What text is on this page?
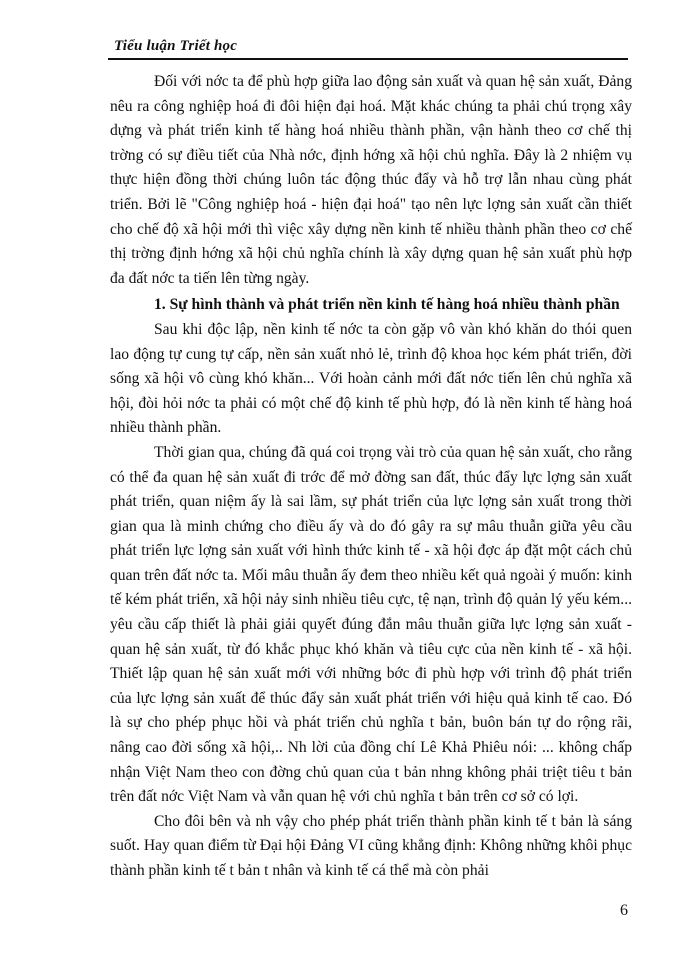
Tiểu luận Triết học

Đối với nớc ta để phù hợp giữa lao động sản xuất và quan hệ sản xuất, Đảng nêu ra công nghiệp hoá đi đôi hiện đại hoá. Mặt khác chúng ta phải chú trọng xây dựng và phát triển kinh tế hàng hoá nhiều thành phần, vận hành theo cơ chế thị trờng có sự điều tiết của Nhà nớc, định hớng xã hội chủ nghĩa. Đây là 2 nhiệm vụ thực hiện đồng thời chúng luôn tác động thúc đẩy và hỗ trợ lẫn nhau cùng phát triển. Bởi lẽ "Công nghiệp hoá - hiện đại hoá" tạo nên lực lợng sản xuất cần thiết cho chế độ xã hội mới thì việc xây dựng nền kinh tế nhiều thành phần theo cơ chế thị trờng định hớng xã hội chủ nghĩa chính là xây dựng quan hệ sản xuất phù hợp đa đất nớc ta tiến lên từng ngày.

1. Sự hình thành và phát triển nền kinh tế hàng hoá nhiều thành phần

Sau khi độc lập, nền kinh tế nớc ta còn gặp vô vàn khó khăn do thói quen lao động tự cung tự cấp, nền sản xuất nhỏ lẻ, trình độ khoa học kém phát triển, đời sống xã hội vô cùng khó khăn... Với hoàn cảnh mới đất nớc tiến lên chủ nghĩa xã hội, đòi hỏi nớc ta phải có một chế độ kinh tế phù hợp, đó là nền kinh tế hàng hoá nhiều thành phần.

Thời gian qua, chúng đã quá coi trọng vài trò của quan hệ sản xuất, cho rằng có thể đa quan hệ sản xuất đi trớc để mở đờng san đất, thúc đẩy lực lợng sản xuất phát triển, quan niệm ấy là sai lầm, sự phát triển của lực lợng sản xuất trong thời gian qua là minh chứng cho điều ấy và do đó gây ra sự mâu thuẫn giữa yêu cầu phát triển lực lợng sản xuất với hình thức kinh tế - xã hội đợc áp đặt một cách chủ quan trên đất nớc ta. Mối mâu thuẫn ấy đem theo nhiều kết quả ngoài ý muốn: kinh tế kém phát triển, xã hội nảy sinh nhiều tiêu cực, tệ nạn, trình độ quản lý yếu kém... yêu cầu cấp thiết là phải giải quyết đúng đắn mâu thuẫn giữa lực lợng sản xuất - quan hệ sản xuất, từ đó khắc phục khó khăn và tiêu cực của nền kinh tế - xã hội. Thiết lập quan hệ sản xuất mới với những bớc đi phù hợp với trình độ phát triển của lực lợng sản xuất để thúc đẩy sản xuất phát triển với hiệu quả kinh tế cao. Đó là sự cho phép phục hồi và phát triển chủ nghĩa t bản, buôn bán tự do rộng rãi, nâng cao đời sống xã hội,.. Nh lời của đồng chí Lê Khả Phiêu nói: ... không chấp nhận Việt Nam theo con đờng chủ quan của t bản nhng không phải triệt tiêu t bản trên đất nớc Việt Nam và vẫn quan hệ với chủ nghĩa t bản trên cơ sở có lợi.

Cho đôi bên và nh vậy cho phép phát triển thành phần kinh tế t bản là sáng suốt. Hay quan điểm từ Đại hội Đảng VI cũng khẳng định: Không những khôi phục thành phần kinh tế t bản t nhân và kinh tế cá thể mà còn phải

6
